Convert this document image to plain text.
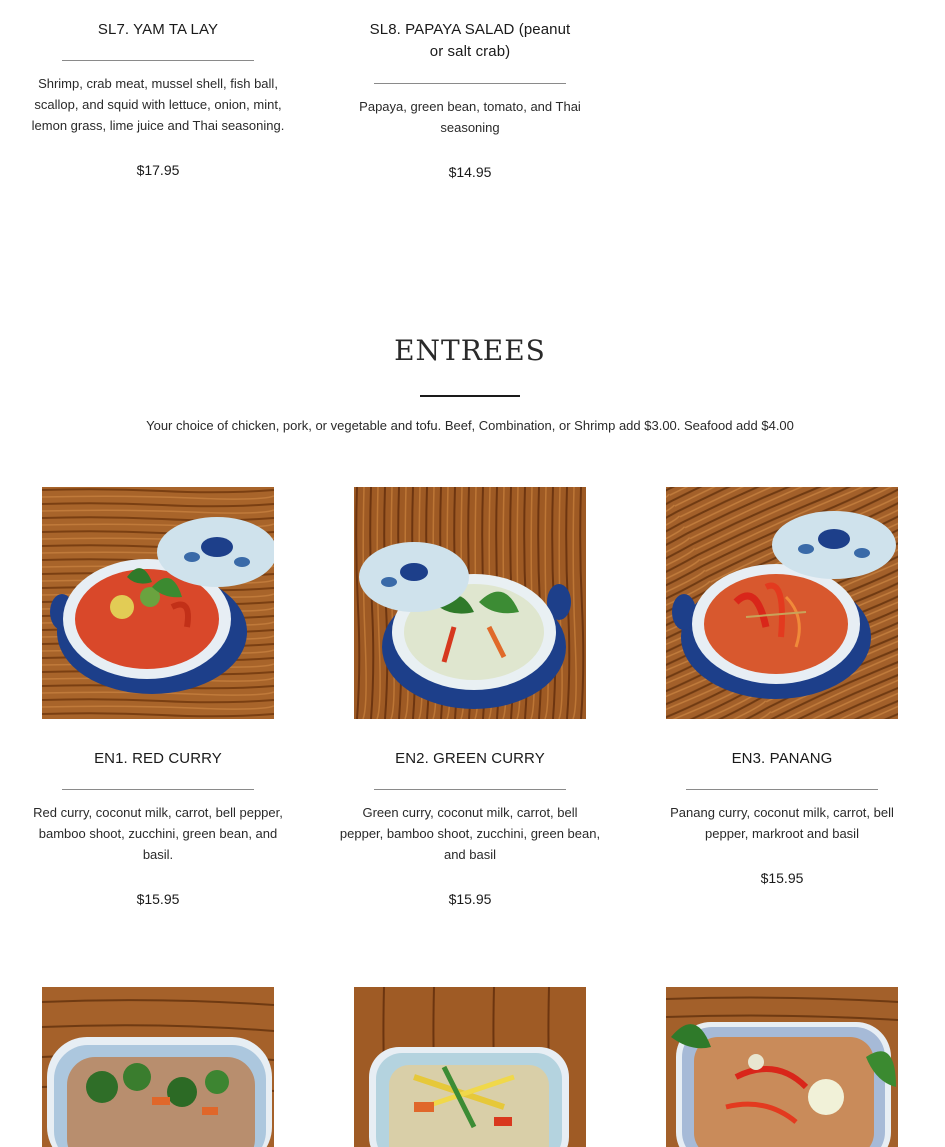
SL7. YAM TA LAY
Shrimp, crab meat, mussel shell, fish ball, scallop, and squid with lettuce, onion, mint, lemon grass, lime juice and Thai seasoning.
$17.95
SL8. PAPAYA SALAD (peanut or salt crab)
Papaya, green bean, tomato, and Thai seasoning
$14.95
ENTREES

Your choice of chicken, pork, or vegetable and tofu. Beef, Combination, or Shrimp add $3.00. Seafood add $4.00

EN1. RED CURRY
Red curry, coconut milk, carrot, bell pepper, bamboo shoot, zucchini, green bean, and basil.
$15.95
EN2. GREEN CURRY
Green curry, coconut milk, carrot, bell pepper, bamboo shoot, zucchini, green bean, and basil
$15.95
EN3. PANANG
Panang curry, coconut milk, carrot, bell pepper, markroot and basil
$15.95
